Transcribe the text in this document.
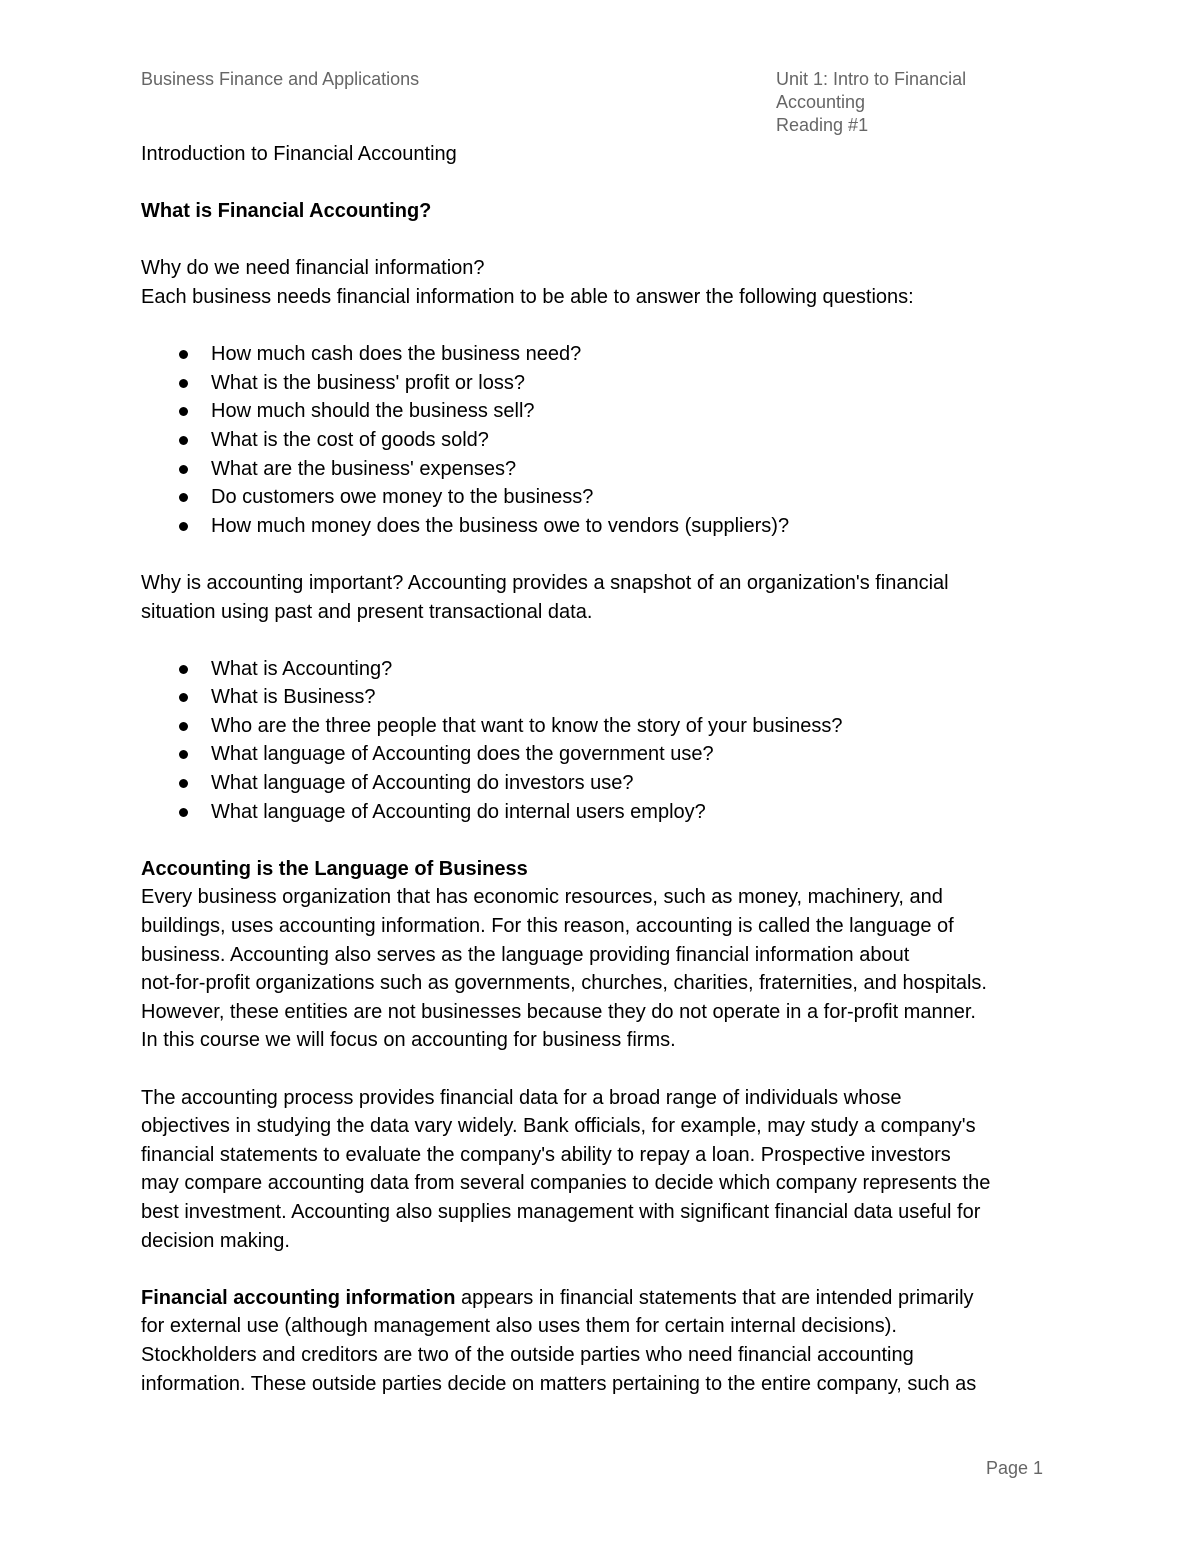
Business Finance and Applications	Unit 1: Intro to Financial Accounting
Reading #1

Introduction to Financial Accounting

What is Financial Accounting?

Why do we need financial information?

Each business needs financial information to be able to answer the following questions:

How much cash does the business need?
What is the business' profit or loss?
How much should the business sell?
What is the cost of goods sold?
What are the business' expenses?
Do customers owe money to the business?
How much money does the business owe to vendors (suppliers)?

Why is accounting important? Accounting provides a snapshot of an organization's financial

situation using past and present transactional data.

What is Accounting?
What is Business?
Who are the three people that want to know the story of your business?
What language of Accounting does the government use?
What language of Accounting do investors use?
What language of Accounting do internal users employ?

Accounting is the Language of Business

Every business organization that has economic resources, such as money, machinery, and

buildings, uses accounting information. For this reason, accounting is called the language of

business. Accounting also serves as the language providing financial information about

not-for-profit organizations such as governments, churches, charities, fraternities, and hospitals.

However, these entities are not businesses because they do not operate in a for-profit manner.

In this course we will focus on accounting for business firms.

The accounting process provides financial data for a broad range of individuals whose

objectives in studying the data vary widely. Bank officials, for example, may study a company's

financial statements to evaluate the company's ability to repay a loan. Prospective investors

may compare accounting data from several companies to decide which company represents the

best investment. Accounting also supplies management with significant financial data useful for

decision making.

Financial accounting information appears in financial statements that are intended primarily

for external use (although management also uses them for certain internal decisions).

Stockholders and creditors are two of the outside parties who need financial accounting

information. These outside parties decide on matters pertaining to the entire company, such as

Page 1
